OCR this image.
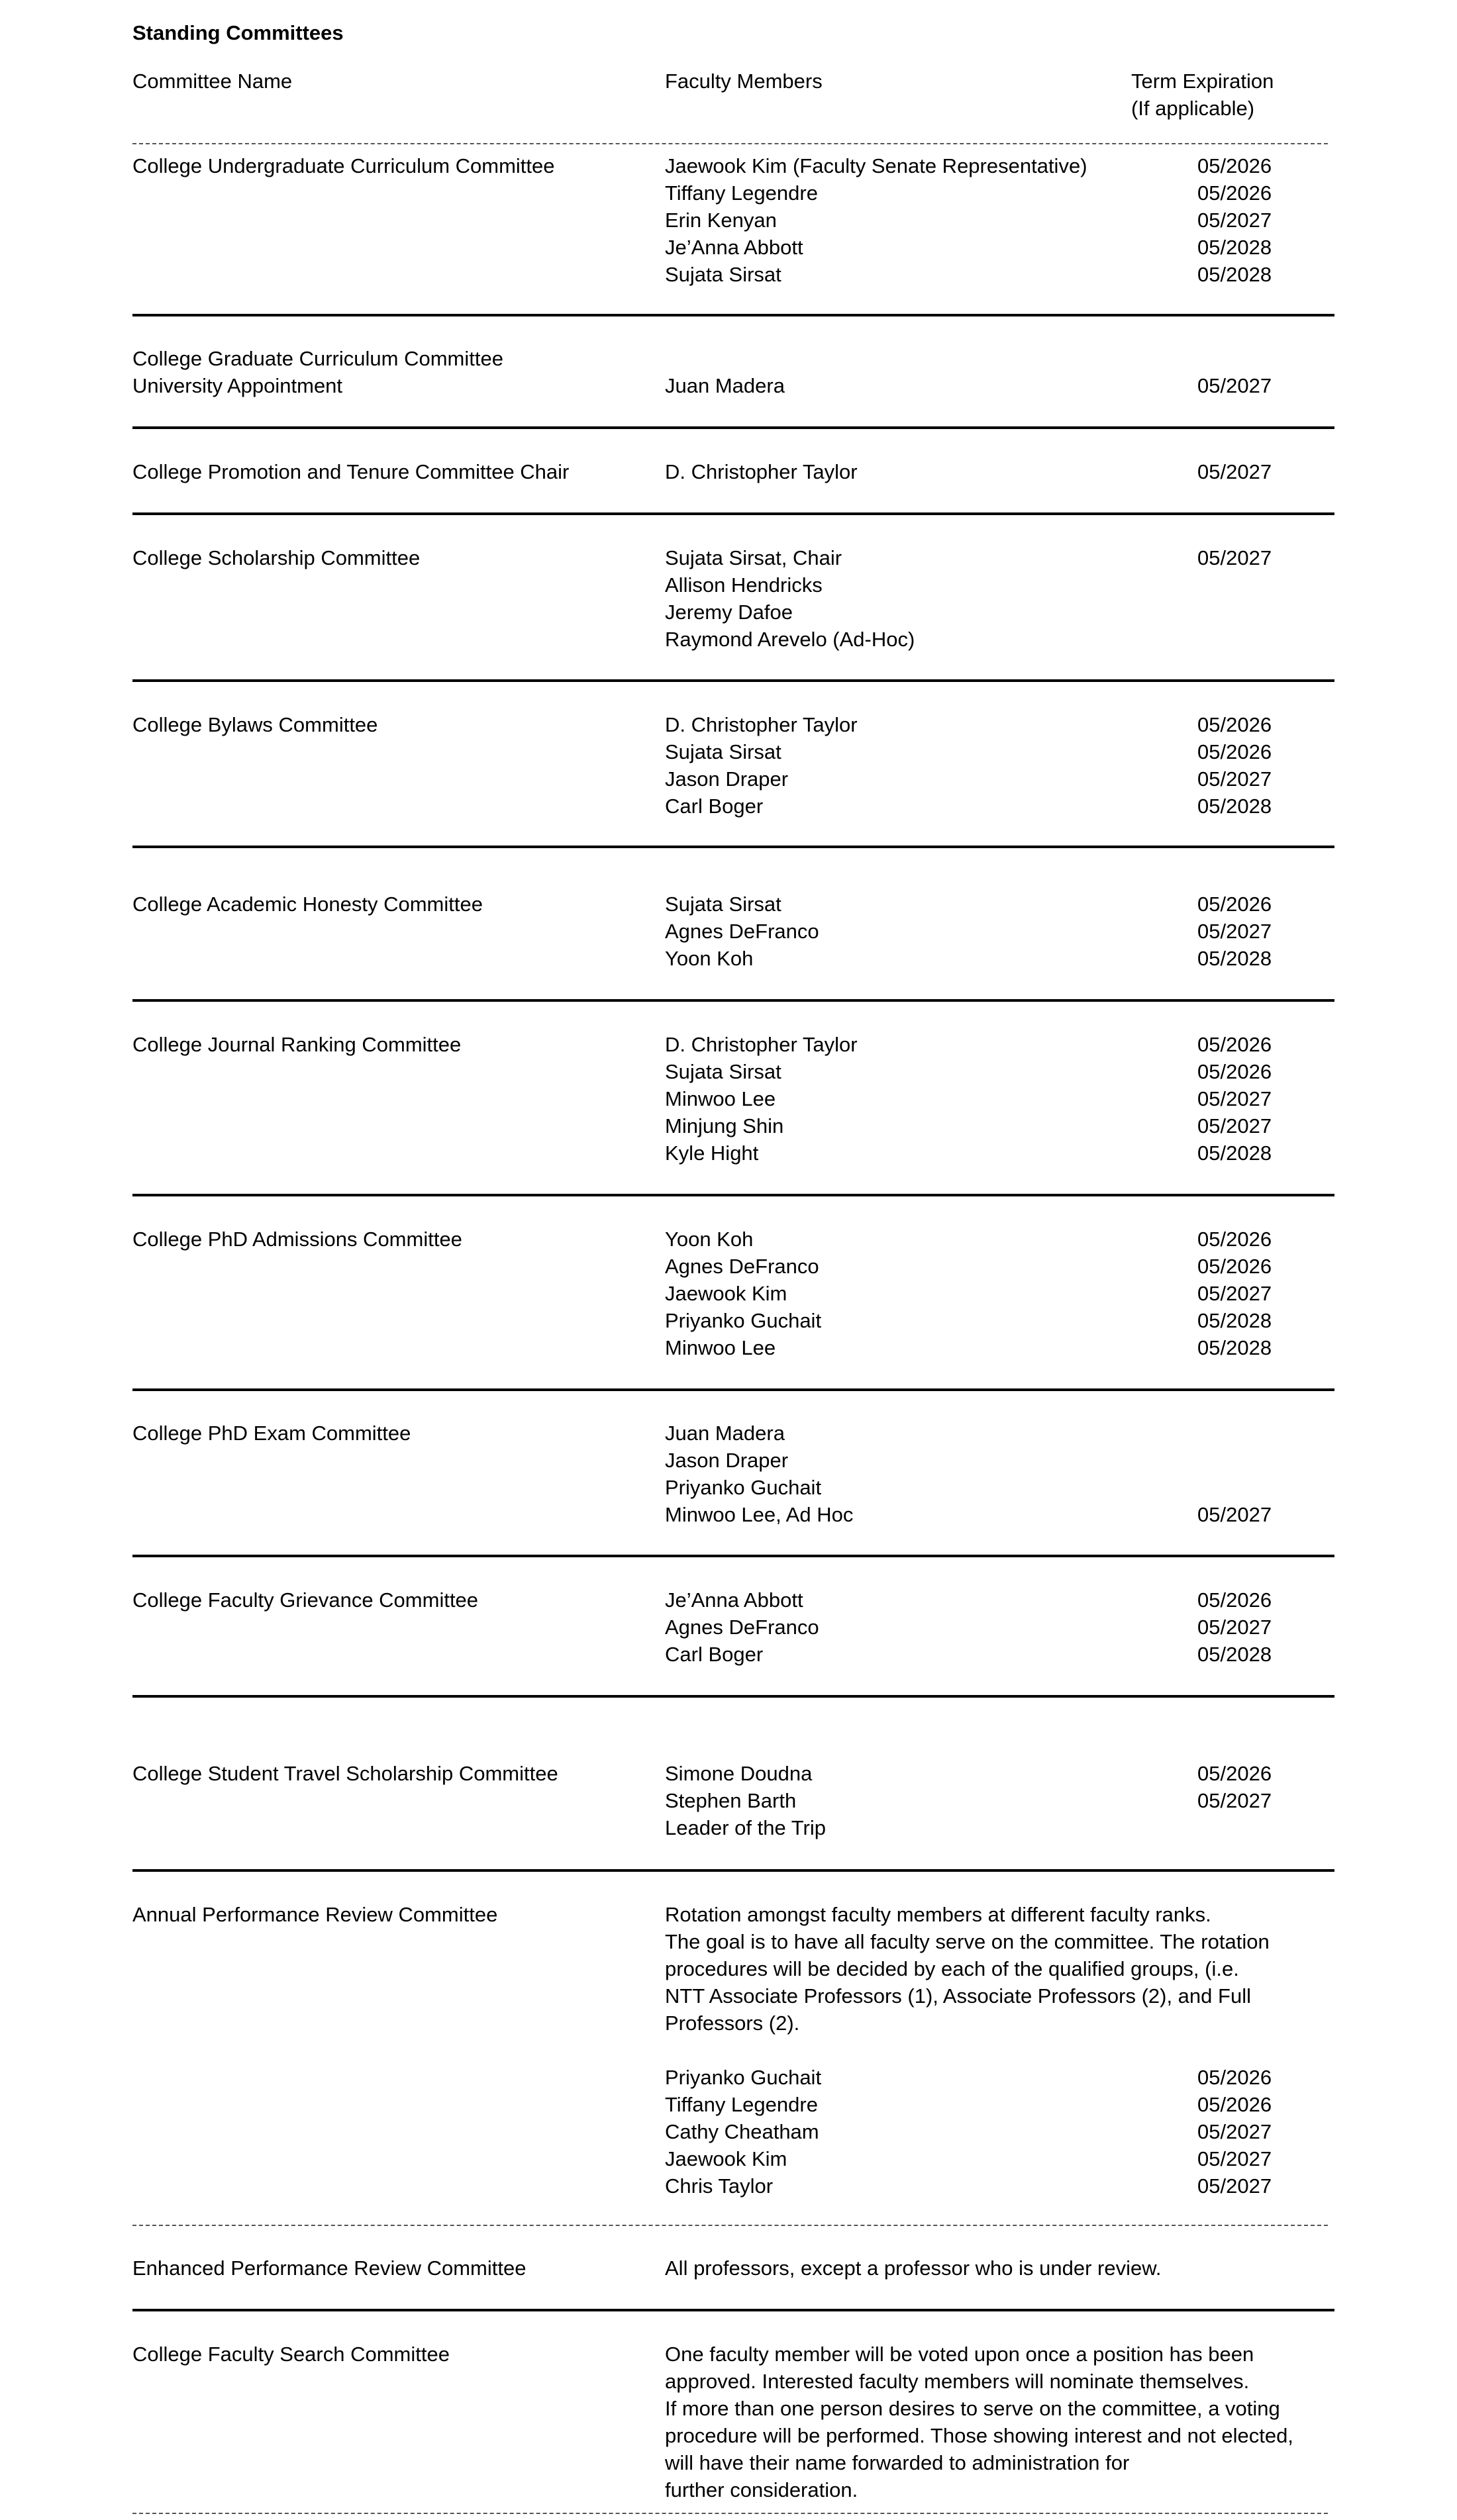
Standing Committees
Committee Name	Faculty Members	Term Expiration
(If applicable)
College Undergraduate Curriculum Committee	Jaewook Kim (Faculty Senate Representative)	05/2026
Tiffany Legendre	05/2026
Erin Kenyan	05/2027
Je’Anna Abbott	05/2028
Sujata Sirsat	05/2028
College Graduate Curriculum Committee
University Appointment	Juan Madera	05/2027
College Promotion and Tenure Committee Chair	D. Christopher Taylor	05/2027
College Scholarship Committee	Sujata Sirsat, Chair	05/2027
Allison Hendricks
Jeremy Dafoe
Raymond Arevelo (Ad-Hoc)
College Bylaws Committee	D. Christopher Taylor	05/2026
Sujata Sirsat	05/2026
Jason Draper	05/2027
Carl Boger	05/2028
College Academic Honesty Committee	Sujata Sirsat	05/2026
Agnes DeFranco	05/2027
Yoon Koh	05/2028
College Journal Ranking Committee	D. Christopher Taylor	05/2026
Sujata Sirsat	05/2026
Minwoo Lee	05/2027
Minjung Shin	05/2027
Kyle Hight	05/2028
College PhD Admissions Committee	Yoon Koh	05/2026
Agnes DeFranco	05/2026
Jaewook Kim	05/2027
Priyanko Guchait	05/2028
Minwoo Lee	05/2028
College PhD Exam Committee	Juan Madera
Jason Draper
Priyanko Guchait
Minwoo Lee, Ad Hoc	05/2027
College Faculty Grievance Committee	Je’Anna Abbott	05/2026
Agnes DeFranco	05/2027
Carl Boger	05/2028
College Student Travel Scholarship Committee	Simone Doudna	05/2026
Stephen Barth	05/2027
Leader of the Trip
Annual Performance Review Committee	Rotation amongst faculty members at different faculty ranks.
The goal is to have all faculty serve on the committee. The rotation
procedures will be decided by each of the qualified groups, (i.e.
NTT Associate Professors (1), Associate Professors (2), and Full
Professors (2).
Priyanko Guchait	05/2026
Tiffany Legendre	05/2026
Cathy Cheatham	05/2027
Jaewook Kim	05/2027
Chris Taylor	05/2027
Enhanced Performance Review Committee	All professors, except a professor who is under review.
College Faculty Search Committee	One faculty member will be voted upon once a position has been
approved. Interested faculty members will nominate themselves.
If more than one person desires to serve on the committee, a voting
procedure will be performed. Those showing interest and not elected,
will have their name forwarded to administration for
further consideration.
